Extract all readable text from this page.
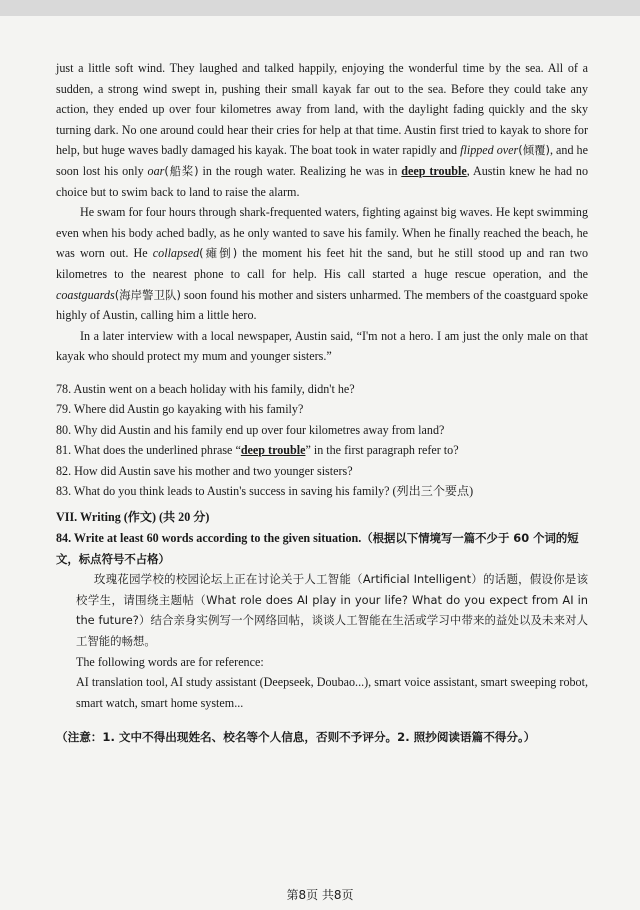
just a little soft wind. They laughed and talked happily, enjoying the wonderful time by the sea. All of a sudden, a strong wind swept in, pushing their small kayak far out to the sea. Before they could take any action, they ended up over four kilometres away from land, with the daylight fading quickly and the sky turning dark. No one around could hear their cries for help at that time. Austin first tried to kayak to shore for help, but huge waves badly damaged his kayak. The boat took in water rapidly and flipped over(倾覆), and he soon lost his only oar(船桨) in the rough water. Realizing he was in deep trouble, Austin knew he had no choice but to swim back to land to raise the alarm.

He swam for four hours through shark-frequented waters, fighting against big waves. He kept swimming even when his body ached badly, as he only wanted to save his family. When he finally reached the beach, he was worn out. He collapsed(瘫倒) the moment his feet hit the sand, but he still stood up and ran two kilometres to the nearest phone to call for help. His call started a huge rescue operation, and the coastguards(海岸警卫队) soon found his mother and sisters unharmed. The members of the coastguard spoke highly of Austin, calling him a little hero.

In a later interview with a local newspaper, Austin said, “I'm not a hero. I am just the only male on that kayak who should protect my mum and younger sisters.”

78. Austin went on a beach holiday with his family, didn't he?
79. Where did Austin go kayaking with his family?
80. Why did Austin and his family end up over four kilometres away from land?
81. What does the underlined phrase “deep trouble” in the first paragraph refer to?
82. How did Austin save his mother and two younger sisters?
83. What do you think leads to Austin's success in saving his family? (列出三个要点)
VII. Writing (作文) (共 20 分)
84. Write at least 60 words according to the given situation.（根据以下情境写一篇不少于 60 个词的短文，标点符号不占格）

玫瑰花园学校的校园论坛上正在讨论关于人工智能（Artificial Intelligent）的话题，假设你是该校学生，请围绕主题帖（What role does AI play in your life? What do you expect from AI in the future?）结合亲身实例写一个网络回帖，谈谈人工智能在生活或学习中带来的益处以及未来对人工智能的畅想。

The following words are for reference:

AI translation tool, AI study assistant (Deepseek, Doubao...), smart voice assistant, smart sweeping robot, smart watch, smart home system...

（注意：1. 文中不得出现姓名、校名等个人信息，否则不予评分。2. 照抄阅读语篇不得分。）
第8页 共8页
